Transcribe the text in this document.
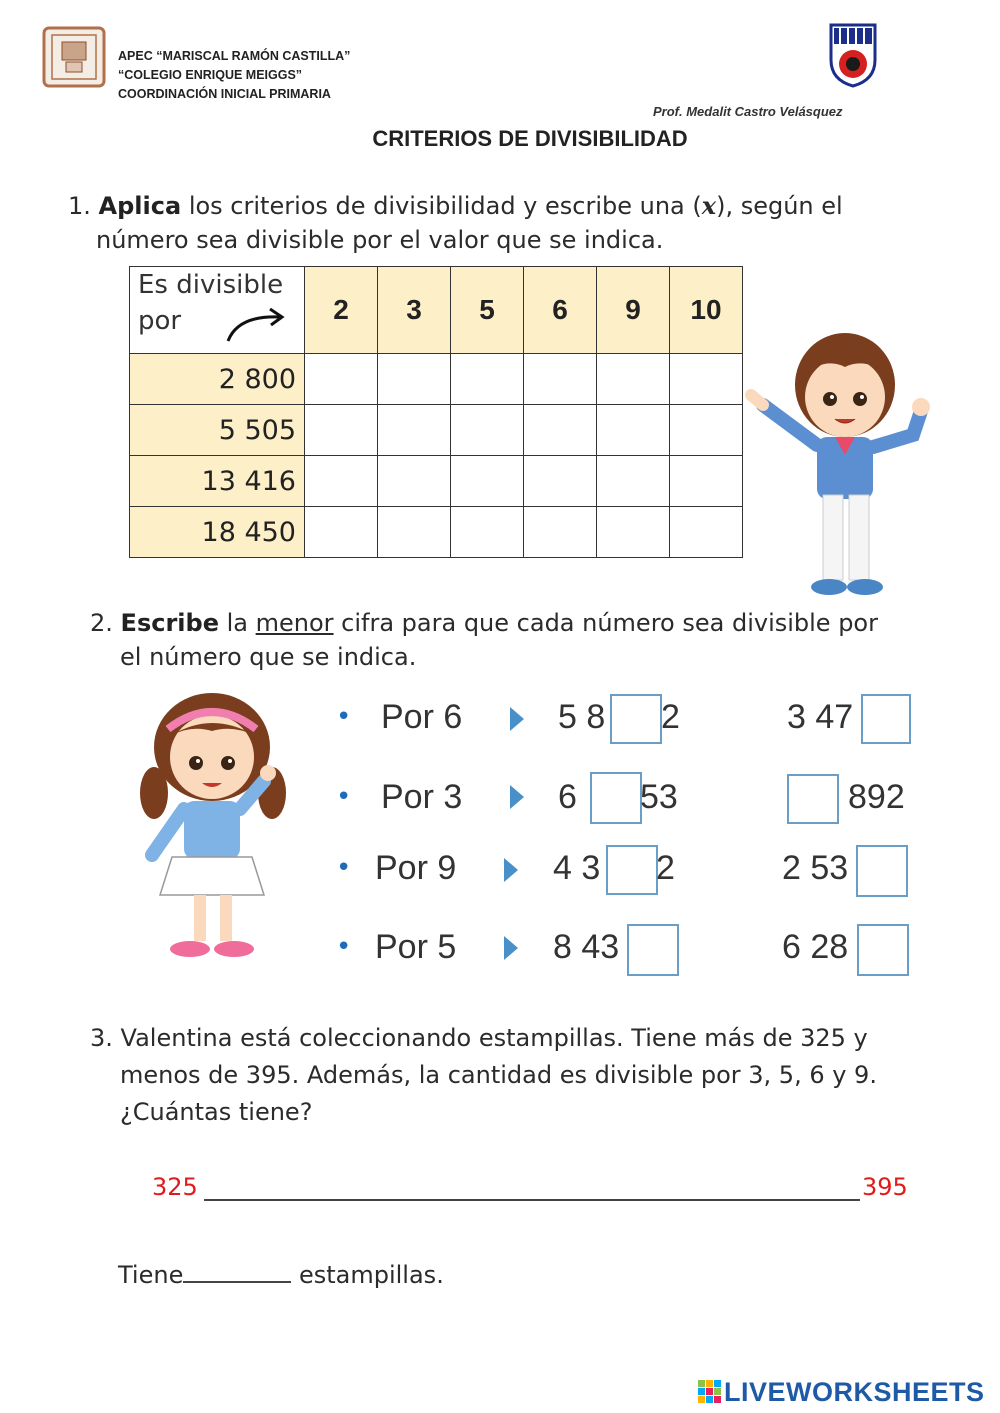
APEC “MARISCAL RAMÓN CASTILLA”
“COLEGIO ENRIQUE MEIGGS”
COORDINACIÓN INICIAL PRIMARIA
Prof. Medalit Castro Velásquez
CRITERIOS DE DIVISIBILIDAD
1. Aplica los criterios de divisibilidad y escribe una (x), según el
número sea divisible por el valor que se indica.
Es divisible
por	2	3	5	6	9	10
2 800						
5 505						
13 416						
18 450						
2. Escribe la menor cifra para que cada número sea divisible por
el número que se indica.
• Por 6	5 8 2	3 47
• Por 3	6 53	892
• Por 9	4 3 2	2 53
• Por 5	8 43	6 28
3. Valentina está coleccionando estampillas. Tiene más de 325 y
menos de 395. Además, la cantidad es divisible por 3, 5, 6 y 9.
¿Cuántas tiene?
325	395
Tiene	estampillas.
LIVEWORKSHEETS
